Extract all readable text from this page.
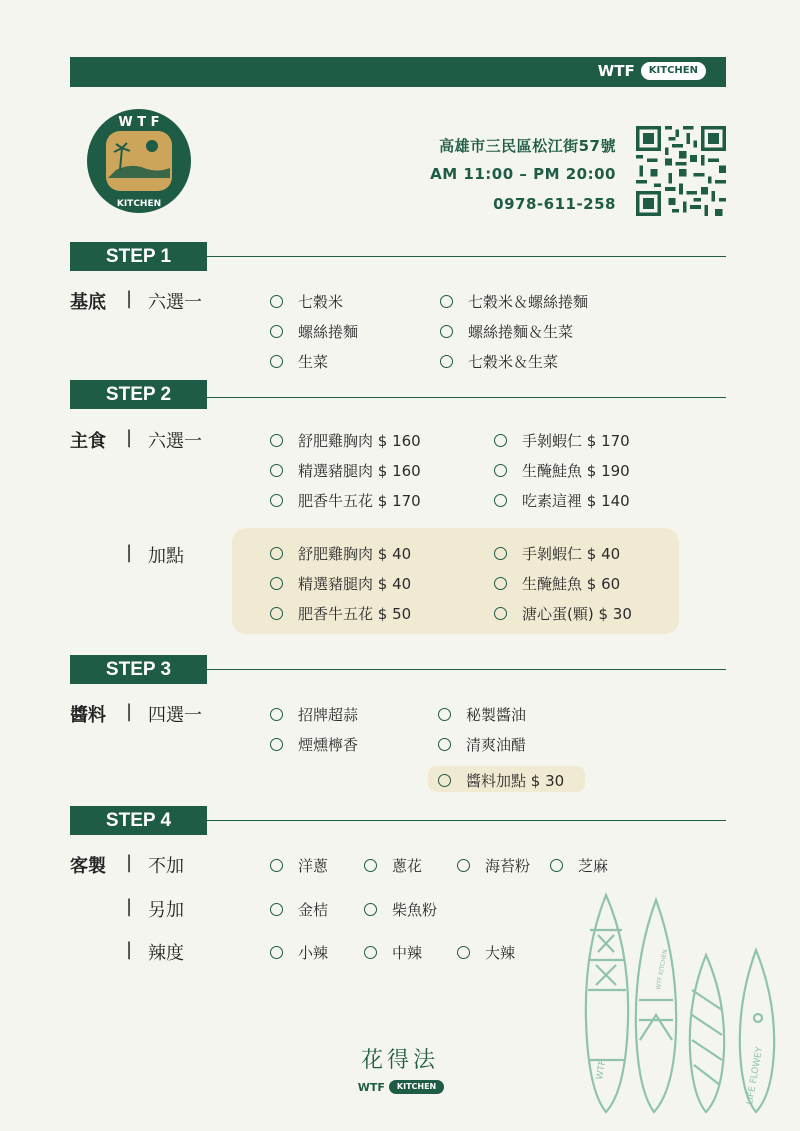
WTF	KITCHEN
W T F
KITCHEN
高雄市三民區松江街57號
AM 11:00 – PM 20:00
0978-611-258
STEP 1
基底 | 六選一	七穀米	七穀米＆螺絲捲麵
螺絲捲麵	螺絲捲麵＆生菜
生菜	七穀米＆生菜
STEP 2
主食 | 六選一	舒肥雞胸肉 $ 160	手剝蝦仁 $ 170
精選豬腿肉 $ 160	生醃鮭魚 $ 190
肥香牛五花 $ 170	吃素這裡 $ 140
| 加點	舒肥雞胸肉 $ 40	手剝蝦仁 $ 40
精選豬腿肉 $ 40	生醃鮭魚 $ 60
肥香牛五花 $ 50	溏心蛋(顆) $ 30
STEP 3
醬料 | 四選一	招牌超蒜	秘製醬油
煙燻檸香	清爽油醋
醬料加點 $ 30
STEP 4
客製 | 不加	洋蔥	蔥花	海苔粉	芝麻
| 另加	金桔	柴魚粉
| 辣度	小辣	中辣	大辣
WTF
WTF KITCHEN
LIFE FLOWEY
花得法
WTF	KITCHEN
